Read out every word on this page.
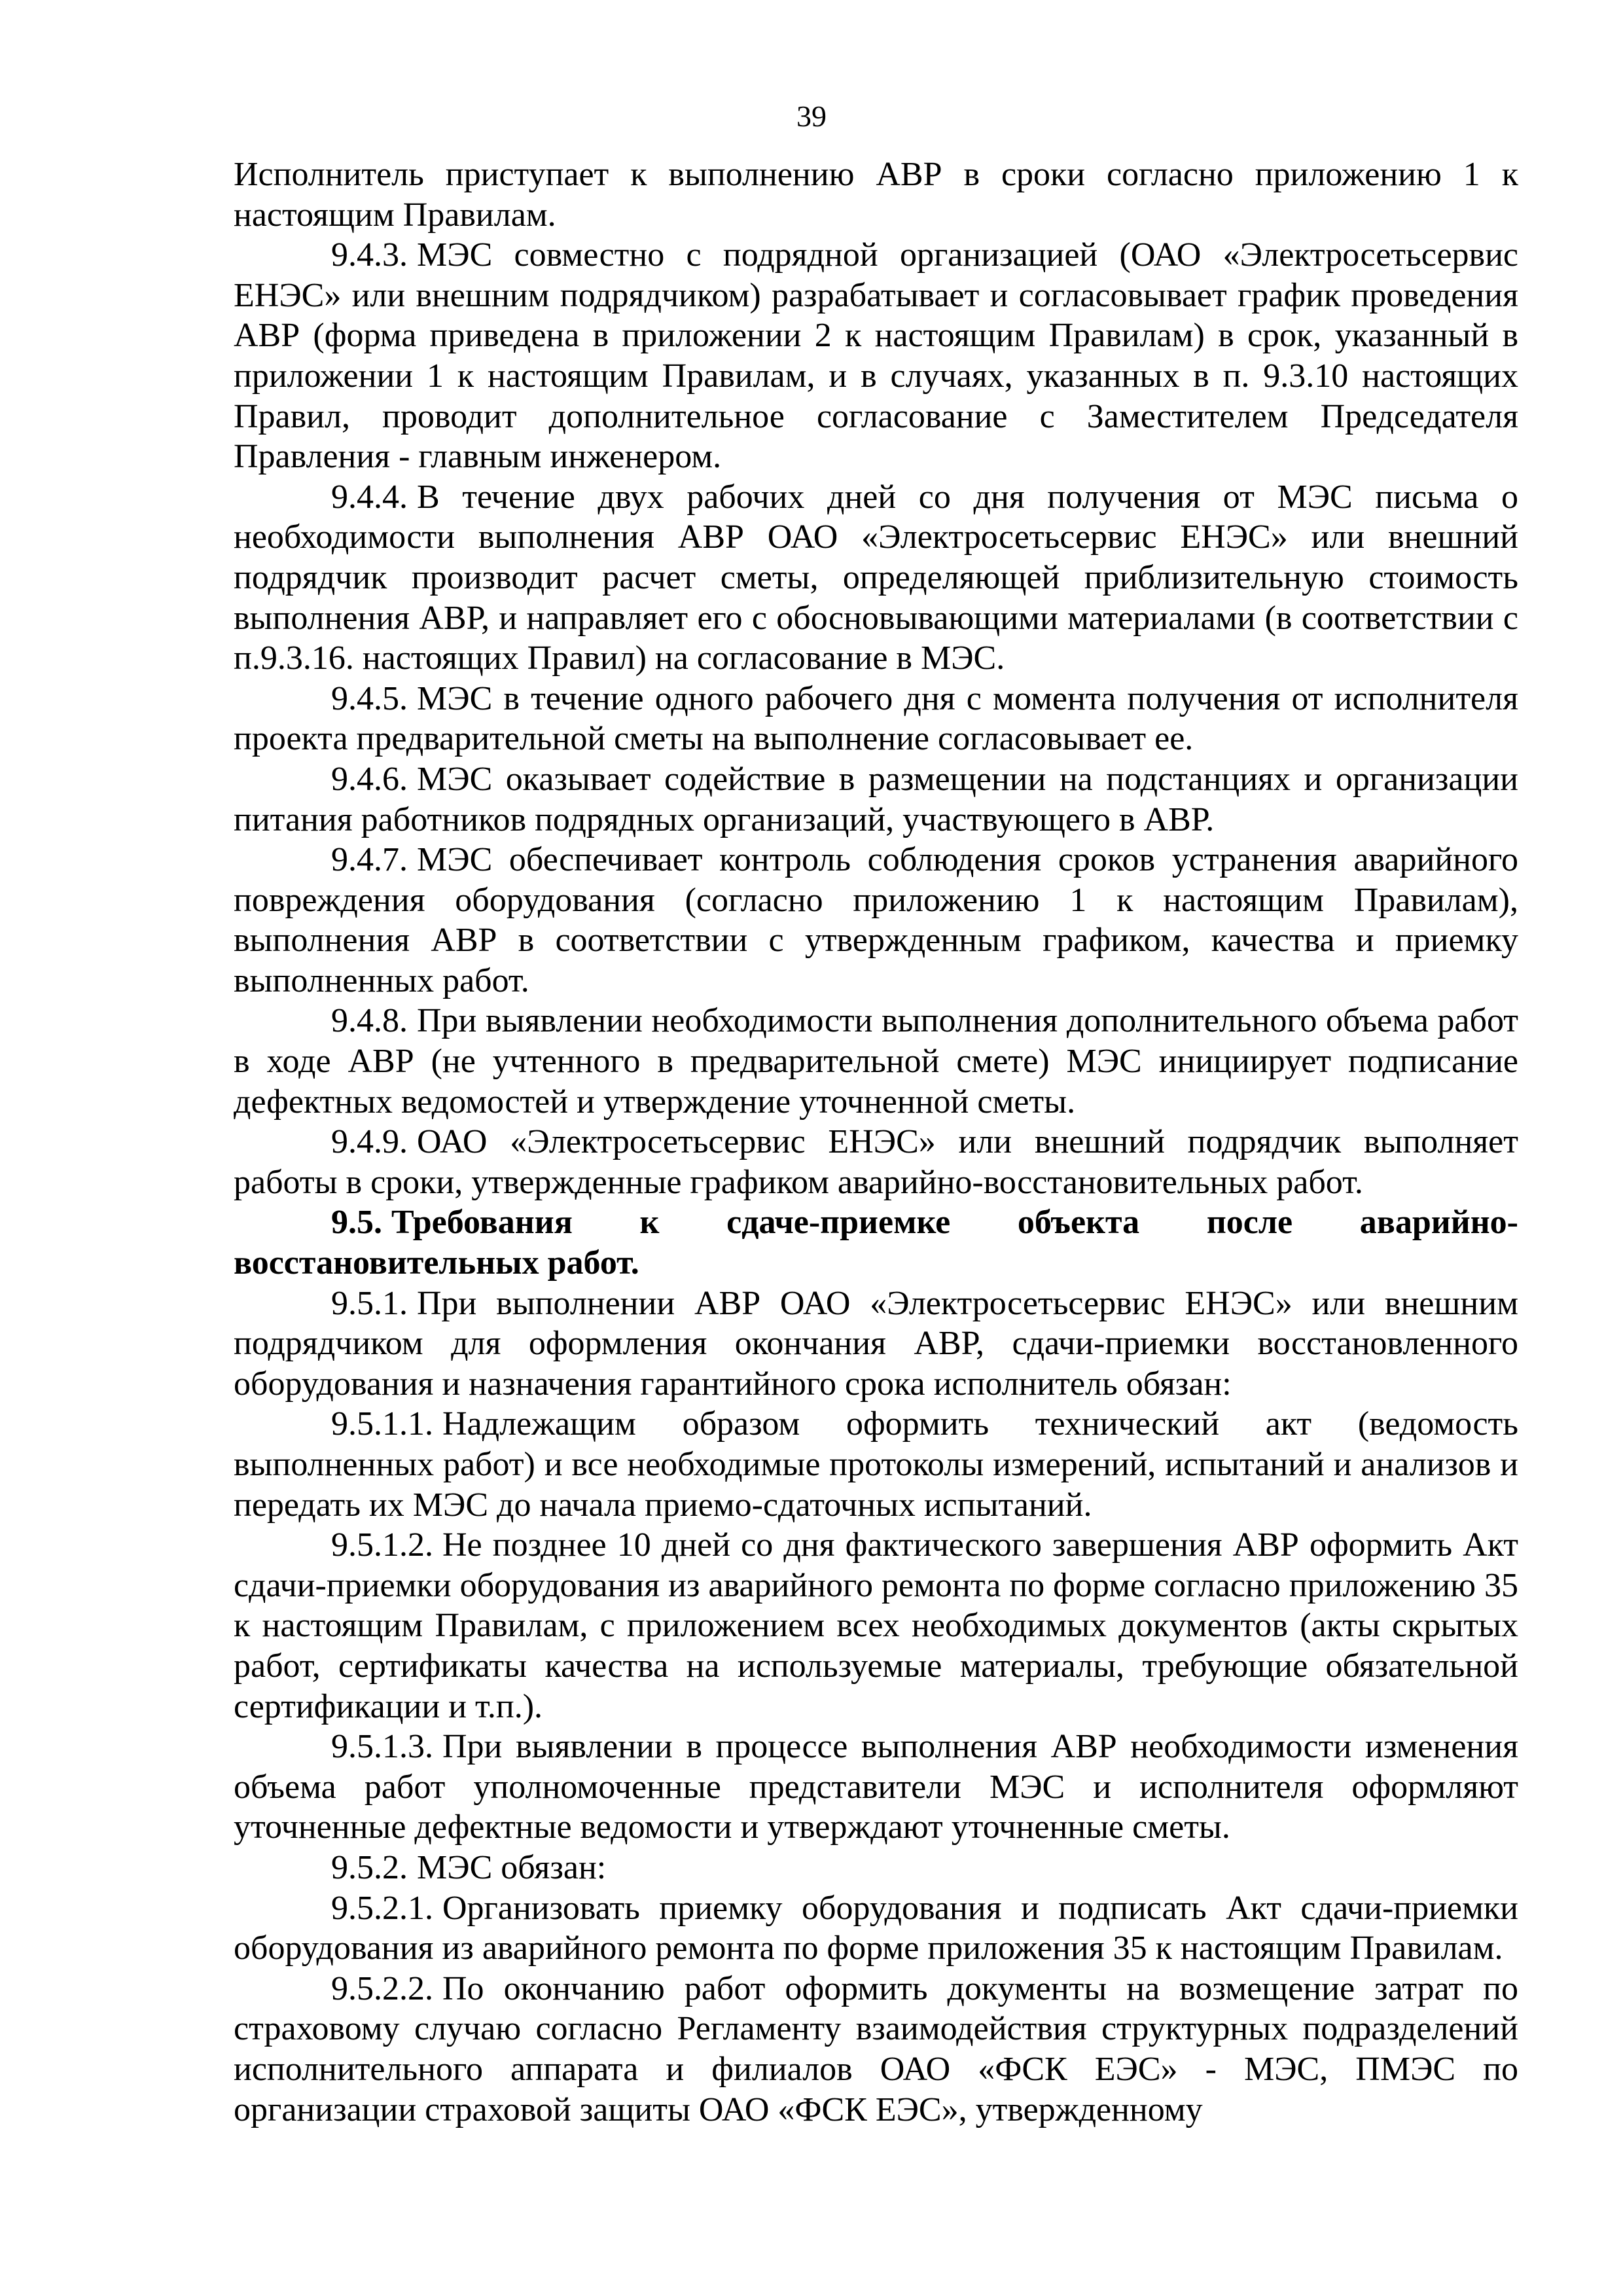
39

Исполнитель приступает к выполнению АВР в сроки согласно приложению 1 к настоящим Правилам.

9.4.3. МЭС совместно с подрядной организацией (ОАО «Электросетьсервис ЕНЭС» или внешним подрядчиком) разрабатывает и согласовывает график проведения АВР (форма приведена в приложении 2 к настоящим Правилам) в срок, указанный в приложении 1 к настоящим Правилам, и в случаях, указанных в п. 9.3.10 настоящих Правил, проводит дополнительное согласование с Заместителем Председателя Правления - главным инженером.

9.4.4. В течение двух рабочих дней со дня получения от МЭС письма о необходимости выполнения АВР ОАО «Электросетьсервис ЕНЭС» или внешний подрядчик производит расчет сметы, определяющей приблизительную стоимость выполнения АВР, и направляет его с обосновывающими материалами (в соответствии с п.9.3.16. настоящих Правил) на согласование в МЭС.

9.4.5. МЭС в течение одного рабочего дня с момента получения от исполнителя проекта предварительной сметы на выполнение согласовывает ее.

9.4.6. МЭС оказывает содействие в размещении на подстанциях и организации питания работников подрядных организаций, участвующего в АВР.

9.4.7. МЭС обеспечивает контроль соблюдения сроков устранения аварийного повреждения оборудования (согласно приложению 1 к настоящим Правилам), выполнения АВР в соответствии с утвержденным графиком, качества и приемку выполненных работ.

9.4.8. При выявлении необходимости выполнения дополнительного объема работ в ходе АВР (не учтенного в предварительной смете) МЭС инициирует подписание дефектных ведомостей и утверждение уточненной сметы.

9.4.9. ОАО «Электросетьсервис ЕНЭС» или внешний подрядчик выполняет работы в сроки, утвержденные графиком аварийно-восстановительных работ.

9.5. Требования к сдаче-приемке объекта после аварийно-восстановительных работ.

9.5.1. При выполнении АВР ОАО «Электросетьсервис ЕНЭС» или внешним подрядчиком для оформления окончания АВР, сдачи-приемки восстановленного оборудования и назначения гарантийного срока исполнитель обязан:

9.5.1.1. Надлежащим образом оформить технический акт (ведомость выполненных работ) и все необходимые протоколы измерений, испытаний и анализов и передать их МЭС до начала приемо-сдаточных испытаний.

9.5.1.2. Не позднее 10 дней со дня фактического завершения АВР оформить Акт сдачи-приемки оборудования из аварийного ремонта по форме согласно приложению 35 к настоящим Правилам, с приложением всех необходимых документов (акты скрытых работ, сертификаты качества на используемые материалы, требующие обязательной сертификации и т.п.).

9.5.1.3. При выявлении в процессе выполнения АВР необходимости изменения объема работ уполномоченные представители МЭС и исполнителя оформляют уточненные дефектные ведомости и утверждают уточненные сметы.

9.5.2. МЭС обязан:

9.5.2.1. Организовать приемку оборудования и подписать Акт сдачи-приемки оборудования из аварийного ремонта по форме приложения 35 к настоящим Правилам.

9.5.2.2. По окончанию работ оформить документы на возмещение затрат по страховому случаю согласно Регламенту взаимодействия структурных подразделений исполнительного аппарата и филиалов ОАО «ФСК ЕЭС» - МЭС, ПМЭС по организации страховой защиты ОАО «ФСК ЕЭС», утвержденному
